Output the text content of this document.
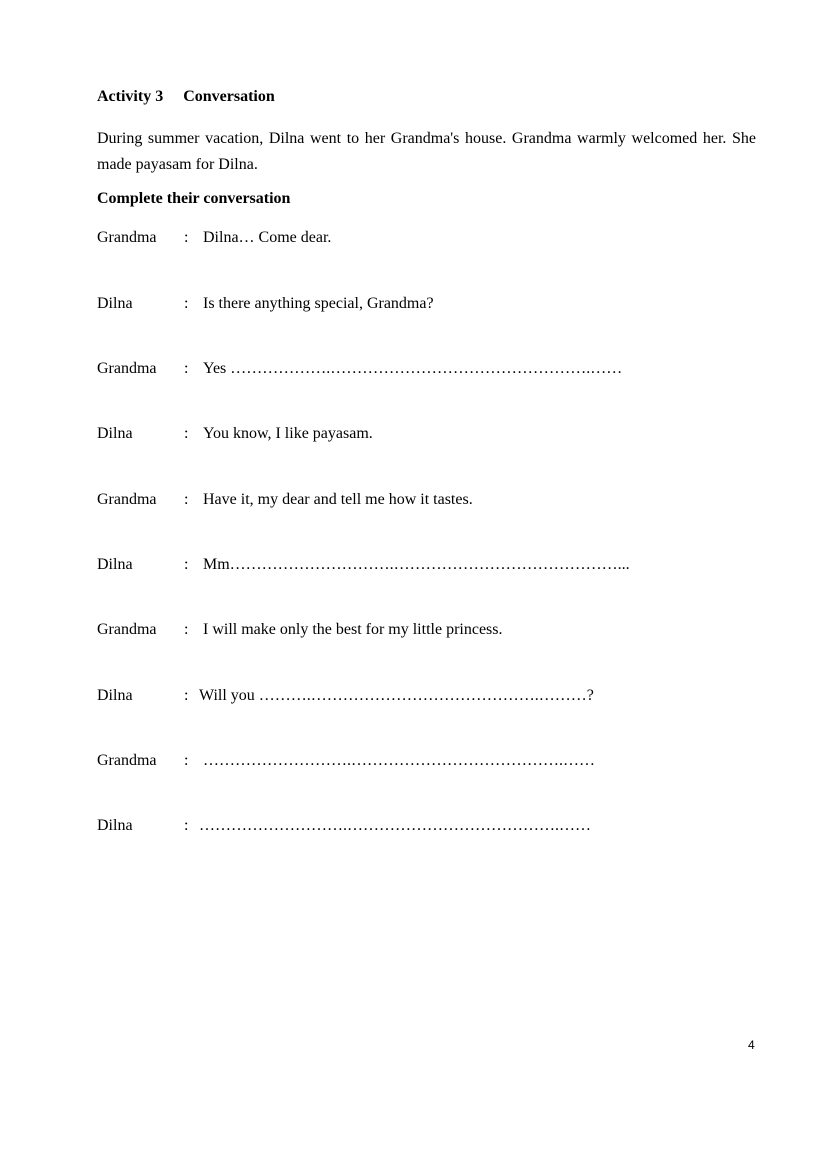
Activity 3 Conversation
During summer vacation, Dilna went to her Grandma's house. Grandma warmly welcomed her. She made payasam for Dilna.
Complete their conversation
Grandma : Dilna… Come dear.
Dilna	: Is there anything special, Grandma?
Grandma : Yes ……………….………………………………………….……
Dilna	: You know, I like payasam.
Grandma : Have it, my dear and tell me how it tastes.
Dilna	: Mm………………………….……………………………………...
Grandma : I will make only the best for my little princess.
Dilna	: Will you ……….…………………………………….………?
Grandma : ……………………….………………………………….……
Dilna	: ……………………….………………………………….……
4
